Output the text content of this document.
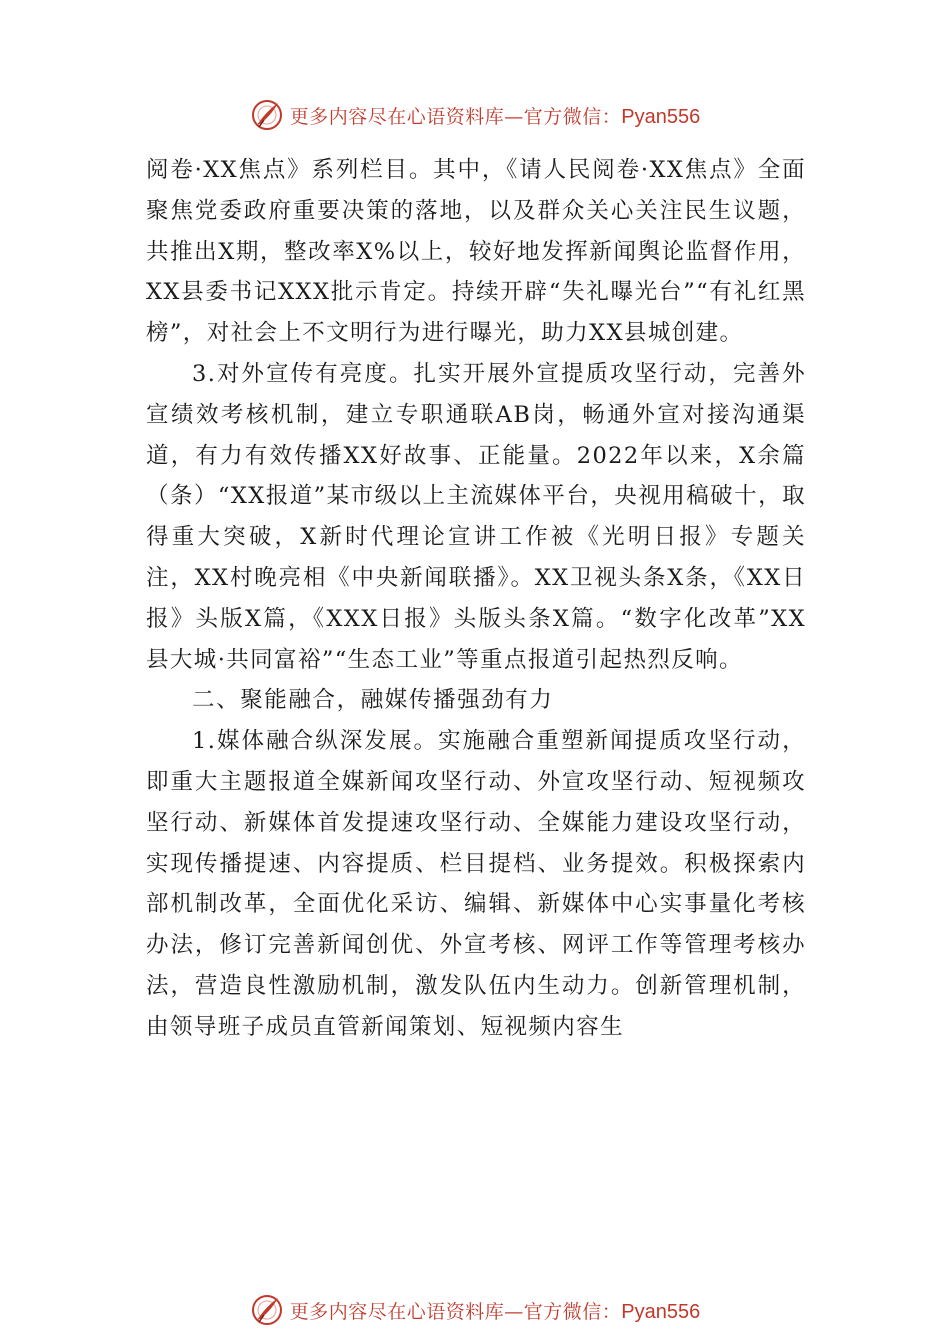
更多内容尽在心语资料库—官方微信：Pyan556

阅卷·XX焦点》系列栏目。其中，《请人民阅卷·XX焦点》全面聚焦党委政府重要决策的落地，以及群众关心关注民生议题，共推出X期，整改率X%以上，较好地发挥新闻舆论监督作用，XX县委书记XXX批示肯定。持续开辟“失礼曝光台”“有礼红黑榜”，对社会上不文明行为进行曝光，助力XX县城创建。

3.对外宣传有亮度。扎实开展外宣提质攻坚行动，完善外宣绩效考核机制，建立专职通联AB岗，畅通外宣对接沟通渠道，有力有效传播XX好故事、正能量。2022年以来，X余篇（条）“XX报道”某市级以上主流媒体平台，央视用稿破十，取得重大突破，X新时代理论宣讲工作被《光明日报》专题关注，XX村晚亮相《中央新闻联播》。XX卫视头条X条，《XX日报》头版X篇，《XXX日报》头版头条X篇。“数字化改革”XX县大城·共同富裕”“生态工业”等重点报道引起热烈反响。

二、聚能融合，融媒传播强劲有力

1.媒体融合纵深发展。实施融合重塑新闻提质攻坚行动，即重大主题报道全媒新闻攻坚行动、外宣攻坚行动、短视频攻坚行动、新媒体首发提速攻坚行动、全媒能力建设攻坚行动，实现传播提速、内容提质、栏目提档、业务提效。积极探索内部机制改革，全面优化采访、编辑、新媒体中心实事量化考核办法，修订完善新闻创优、外宣考核、网评工作等管理考核办法，营造良性激励机制，激发队伍内生动力。创新管理机制，由领导班子成员直管新闻策划、短视频内容生

更多内容尽在心语资料库—官方微信：Pyan556
